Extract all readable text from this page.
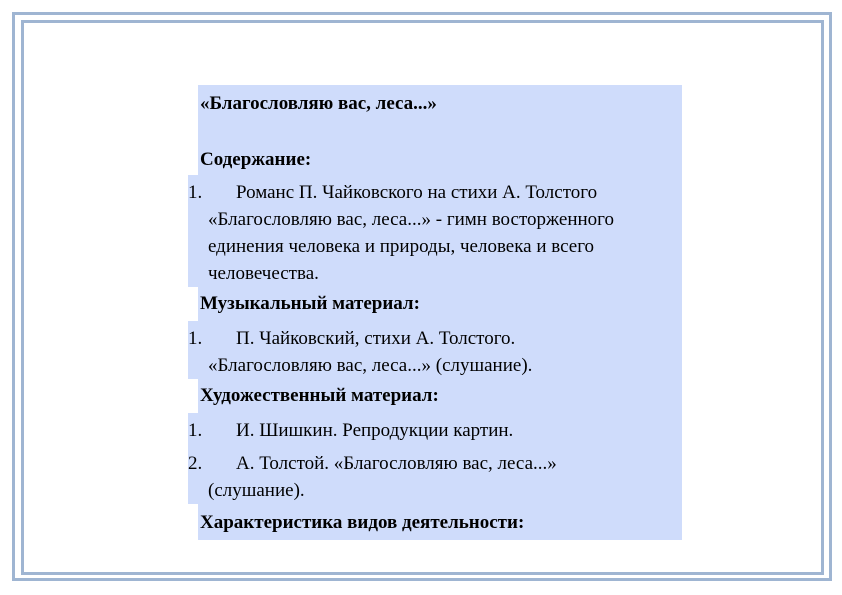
«Благословляю вас, леса...»
Содержание:
1.	Романс П. Чайковского на стихи А. Толстого
«Благословляю вас, леса...» - гимн восторженного
единения человека и природы, человека и всего
человечества.
Музыкальный материал:
1.	П. Чайковский, стихи А. Толстого.
«Благословляю вас, леса...» (слушание).
Художественный материал:
1.	И. Шишкин. Репродукции картин.
2.	А. Толстой. «Благословляю вас, леса...»
(слушание).
Характеристика видов деятельности:
